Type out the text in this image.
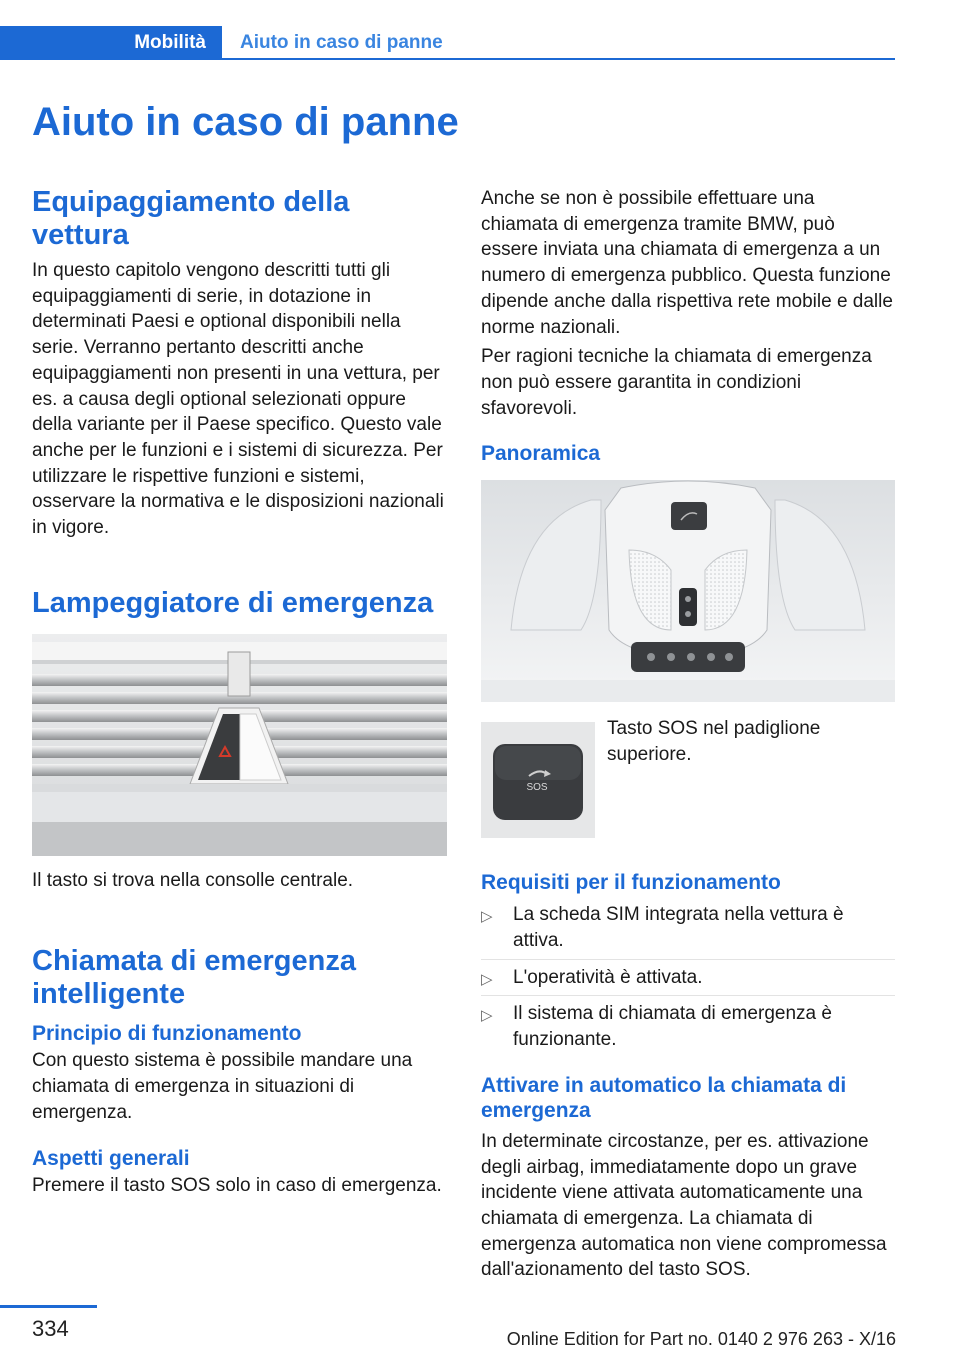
Mobilità	Aiuto in caso di panne
Aiuto in caso di panne
Equipaggiamento della vettura

In questo capitolo vengono descritti tutti gli equipaggiamenti di serie, in dotazione in determinati Paesi e optional disponibili nella serie. Verranno pertanto descritti anche equipaggiamenti non presenti in una vettura, per es. a causa degli optional selezionati oppure della variante per il Paese specifico. Questo vale anche per le funzioni e i sistemi di sicurezza. Per utilizzare le rispettive funzioni e sistemi, osservare la normativa e le disposizioni nazionali in vigore.

Lampeggiatore di emergenza

Il tasto si trova nella consolle centrale.

Chiamata di emergenza intelligente
Principio di funzionamento

Con questo sistema è possibile mandare una chiamata di emergenza in situazioni di emergenza.

Aspetti generali

Premere il tasto SOS solo in caso di emergenza.

Anche se non è possibile effettuare una chiamata di emergenza tramite BMW, può essere inviata una chiamata di emergenza a un numero di emergenza pubblico. Questa funzione dipende anche dalla rispettiva rete mobile e dalle norme nazionali.

Per ragioni tecniche la chiamata di emergenza non può essere garantita in condizioni sfavorevoli.

Panoramica
SOS

Tasto SOS nel padiglione superiore.

Requisiti per il funzionamento
▷ La scheda SIM integrata nella vettura è attiva.
▷ L'operatività è attivata.
▷ Il sistema di chiamata di emergenza è funzionante.
Attivare in automatico la chiamata di emergenza

In determinate circostanze, per es. attivazione degli airbag, immediatamente dopo un grave incidente viene attivata automaticamente una chiamata di emergenza. La chiamata di emergenza automatica non viene compromessa dall'azionamento del tasto SOS.

334	Online Edition for Part no. 0140 2 976 263 - X/16
